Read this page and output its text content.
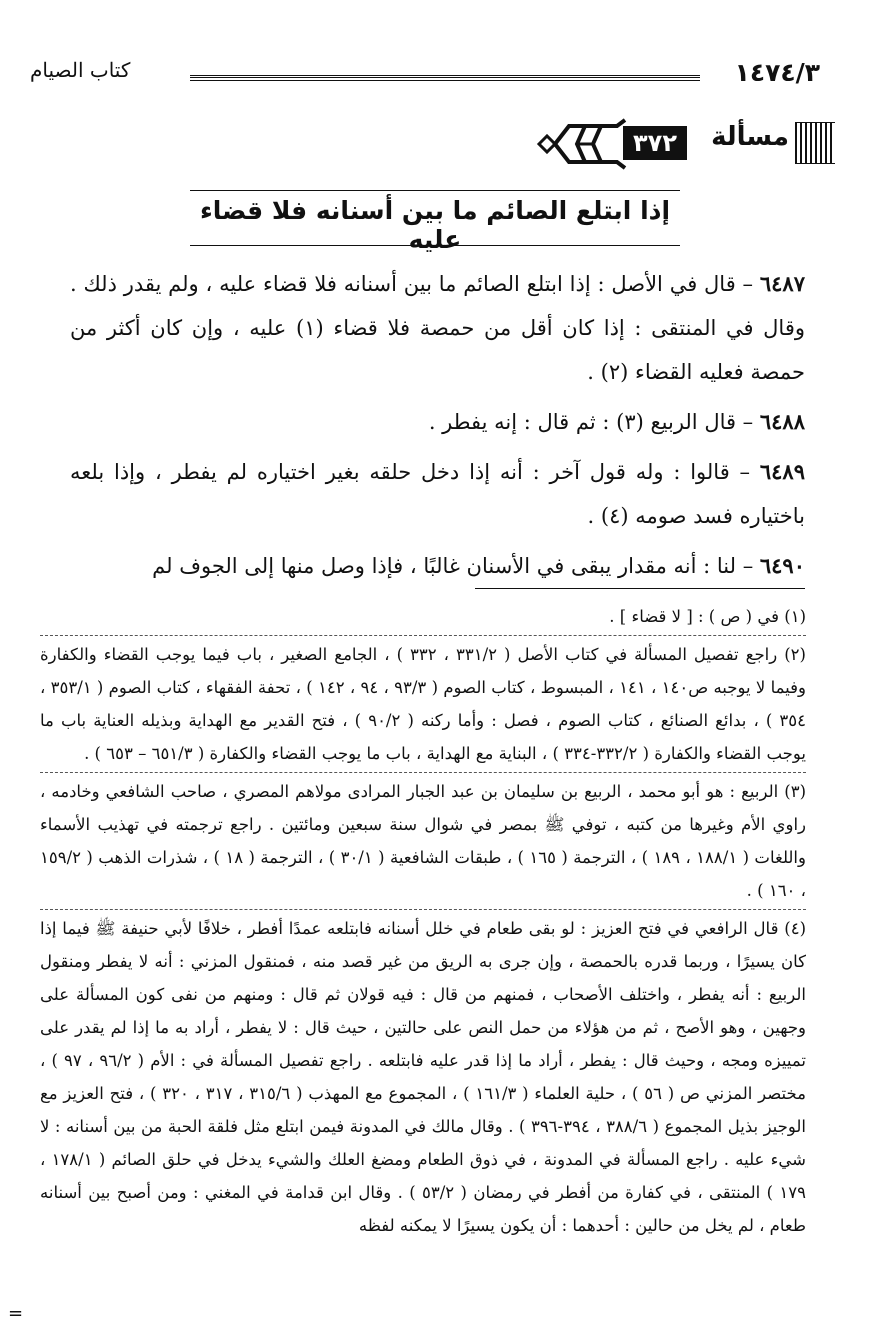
١٤٧٤/٣
كتاب الصيام
مسألة
٣٧٢
إذا ابتلع الصائم ما بين أسنانه فلا قضاء عليه

٦٤٨٧ – قال في الأصل : إذا ابتلع الصائم ما بين أسنانه فلا قضاء عليه ، ولم يقدر ذلك . وقال في المنتقى : إذا كان أقل من حمصة فلا قضاء (١) عليه ، وإن كان أكثر من حمصة فعليه القضاء (٢) .

٦٤٨٨ – قال الربيع (٣) : ثم قال : إنه يفطر .

٦٤٨٩ – قالوا : وله قول آخر : أنه إذا دخل حلقه بغير اختياره لم يفطر ، وإذا بلعه باختياره فسد صومه (٤) .

٦٤٩٠ – لنا : أنه مقدار يبقى في الأسنان غالبًا ، فإذا وصل منها إلى الجوف لم

(١) في ( ص ) : [ لا قضاء ] .

(٢) راجع تفصيل المسألة في كتاب الأصل ( ٣٣١/٢ ، ٣٣٢ ) ، الجامع الصغير ، باب فيما يوجب القضاء والكفارة وفيما لا يوجبه ص١٤٠ ، ١٤١ ، المبسوط ، كتاب الصوم ( ٩٣/٣ ، ٩٤ ، ١٤٢ ) ، تحفة الفقهاء ، كتاب الصوم ( ٣٥٣/١ ، ٣٥٤ ) ، بدائع الصنائع ، كتاب الصوم ، فصل : وأما ركنه ( ٩٠/٢ ) ، فتح القدير مع الهداية وبذيله العناية باب ما يوجب القضاء والكفارة ( ٣٣٢/٢-٣٣٤ ) ، البناية مع الهداية ، باب ما يوجب القضاء والكفارة ( ٦٥١/٣ – ٦٥٣ ) .

(٣) الربيع : هو أبو محمد ، الربيع بن سليمان بن عبد الجبار المرادى مولاهم المصري ، صاحب الشافعي وخادمه ، راوي الأم وغيرها من كتبه ، توفي ﷺ بمصر في شوال سنة سبعين ومائتين . راجع ترجمته في تهذيب الأسماء واللغات ( ١٨٨/١ ، ١٨٩ ) ، الترجمة ( ١٦٥ ) ، طبقات الشافعية ( ٣٠/١ ) ، الترجمة ( ١٨ ) ، شذرات الذهب ( ١٥٩/٢ ، ١٦٠ ) .

(٤) قال الرافعي في فتح العزيز : لو بقى طعام في خلل أسنانه فابتلعه عمدًا أفطر ، خلافًا لأبي حنيفة ﷺ فيما إذا كان يسيرًا ، وربما قدره بالحمصة ، وإن جرى به الريق من غير قصد منه ، فمنقول المزني : أنه لا يفطر ومنقول الربيع : أنه يفطر ، واختلف الأصحاب ، فمنهم من قال : فيه قولان ثم قال : ومنهم من نفى كون المسألة على وجهين ، وهو الأصح ، ثم من هؤلاء من حمل النص على حالتين ، حيث قال : لا يفطر ، أراد به ما إذا لم يقدر على تمييزه ومجه ، وحيث قال : يفطر ، أراد ما إذا قدر عليه فابتلعه . راجع تفصيل المسألة في : الأم ( ٩٦/٢ ، ٩٧ ) ، مختصر المزني ص ( ٥٦ ) ، حلية العلماء ( ١٦١/٣ ) ، المجموع مع المهذب ( ٣١٥/٦ ، ٣١٧ ، ٣٢٠ ) ، فتح العزيز مع الوجيز بذيل المجموع ( ٣٨٨/٦ ، ٣٩٤-٣٩٦ ) . وقال مالك في المدونة فيمن ابتلع مثل فلقة الحبة من بين أسنانه : لا شيء عليه . راجع المسألة في المدونة ، في ذوق الطعام ومضغ العلك والشيء يدخل في حلق الصائم ( ١٧٨/١ ، ١٧٩ ) المنتقى ، في كفارة من أفطر في رمضان ( ٥٣/٢ ) . وقال ابن قدامة في المغني : ومن أصبح بين أسنانه طعام ، لم يخل من حالين : أحدهما : أن يكون يسيرًا لا يمكنه لفظه

=
